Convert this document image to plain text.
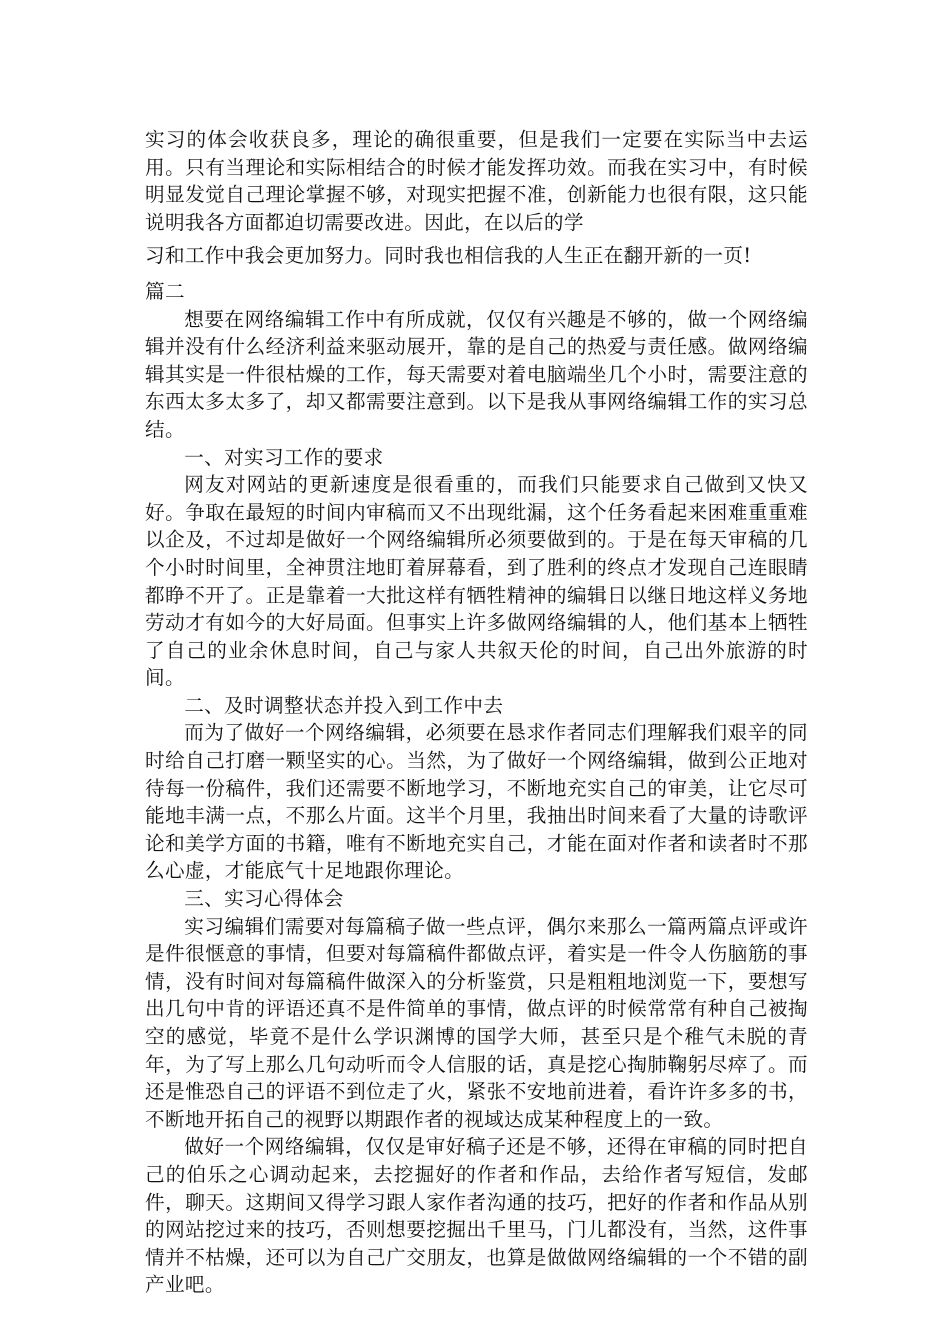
实习的体会收获良多，理论的确很重要，但是我们一定要在实际当中去运用。只有当理论和实际相结合的时候才能发挥功效。而我在实习中，有时候明显发觉自己理论掌握不够，对现实把握不准，创新能力也很有限，这只能说明我各方面都迫切需要改进。因此，在以后的学

习和工作中我会更加努力。同时我也相信我的人生正在翻开新的一页!

篇二

想要在网络编辑工作中有所成就，仅仅有兴趣是不够的，做一个网络编辑并没有什么经济利益来驱动展开，靠的是自己的热爱与责任感。做网络编辑其实是一件很枯燥的工作，每天需要对着电脑端坐几个小时，需要注意的东西太多太多了，却又都需要注意到。以下是我从事网络编辑工作的实习总结。

一、对实习工作的要求

网友对网站的更新速度是很看重的，而我们只能要求自己做到又快又好。争取在最短的时间内审稿而又不出现纰漏，这个任务看起来困难重重难以企及，不过却是做好一个网络编辑所必须要做到的。于是在每天审稿的几个小时时间里，全神贯注地盯着屏幕看，到了胜利的终点才发现自己连眼睛都睁不开了。正是靠着一大批这样有牺牲精神的编辑日以继日地这样义务地劳动才有如今的大好局面。但事实上许多做网络编辑的人，他们基本上牺牲了自己的业余休息时间，自己与家人共叙天伦的时间，自己出外旅游的时间。

二、及时调整状态并投入到工作中去

而为了做好一个网络编辑，必须要在恳求作者同志们理解我们艰辛的同时给自己打磨一颗坚实的心。当然，为了做好一个网络编辑，做到公正地对待每一份稿件，我们还需要不断地学习，不断地充实自己的审美，让它尽可能地丰满一点，不那么片面。这半个月里，我抽出时间来看了大量的诗歌评论和美学方面的书籍，唯有不断地充实自己，才能在面对作者和读者时不那么心虚，才能底气十足地跟你理论。

三、实习心得体会

实习编辑们需要对每篇稿子做一些点评，偶尔来那么一篇两篇点评或许是件很惬意的事情，但要对每篇稿件都做点评，着实是一件令人伤脑筋的事情，没有时间对每篇稿件做深入的分析鉴赏，只是粗粗地浏览一下，要想写出几句中肯的评语还真不是件简单的事情，做点评的时候常常有种自己被掏空的感觉，毕竟不是什么学识渊博的国学大师，甚至只是个稚气未脱的青年，为了写上那么几句动听而令人信服的话，真是挖心掏肺鞠躬尽瘁了。而还是惟恐自己的评语不到位走了火，紧张不安地前进着，看许许多多的书，不断地开拓自己的视野以期跟作者的视域达成某种程度上的一致。

做好一个网络编辑，仅仅是审好稿子还是不够，还得在审稿的同时把自己的伯乐之心调动起来，去挖掘好的作者和作品，去给作者写短信，发邮件，聊天。这期间又得学习跟人家作者沟通的技巧，把好的作者和作品从别的网站挖过来的技巧，否则想要挖掘出千里马，门儿都没有，当然，这件事情并不枯燥，还可以为自己广交朋友，也算是做做网络编辑的一个不错的副产业吧。
